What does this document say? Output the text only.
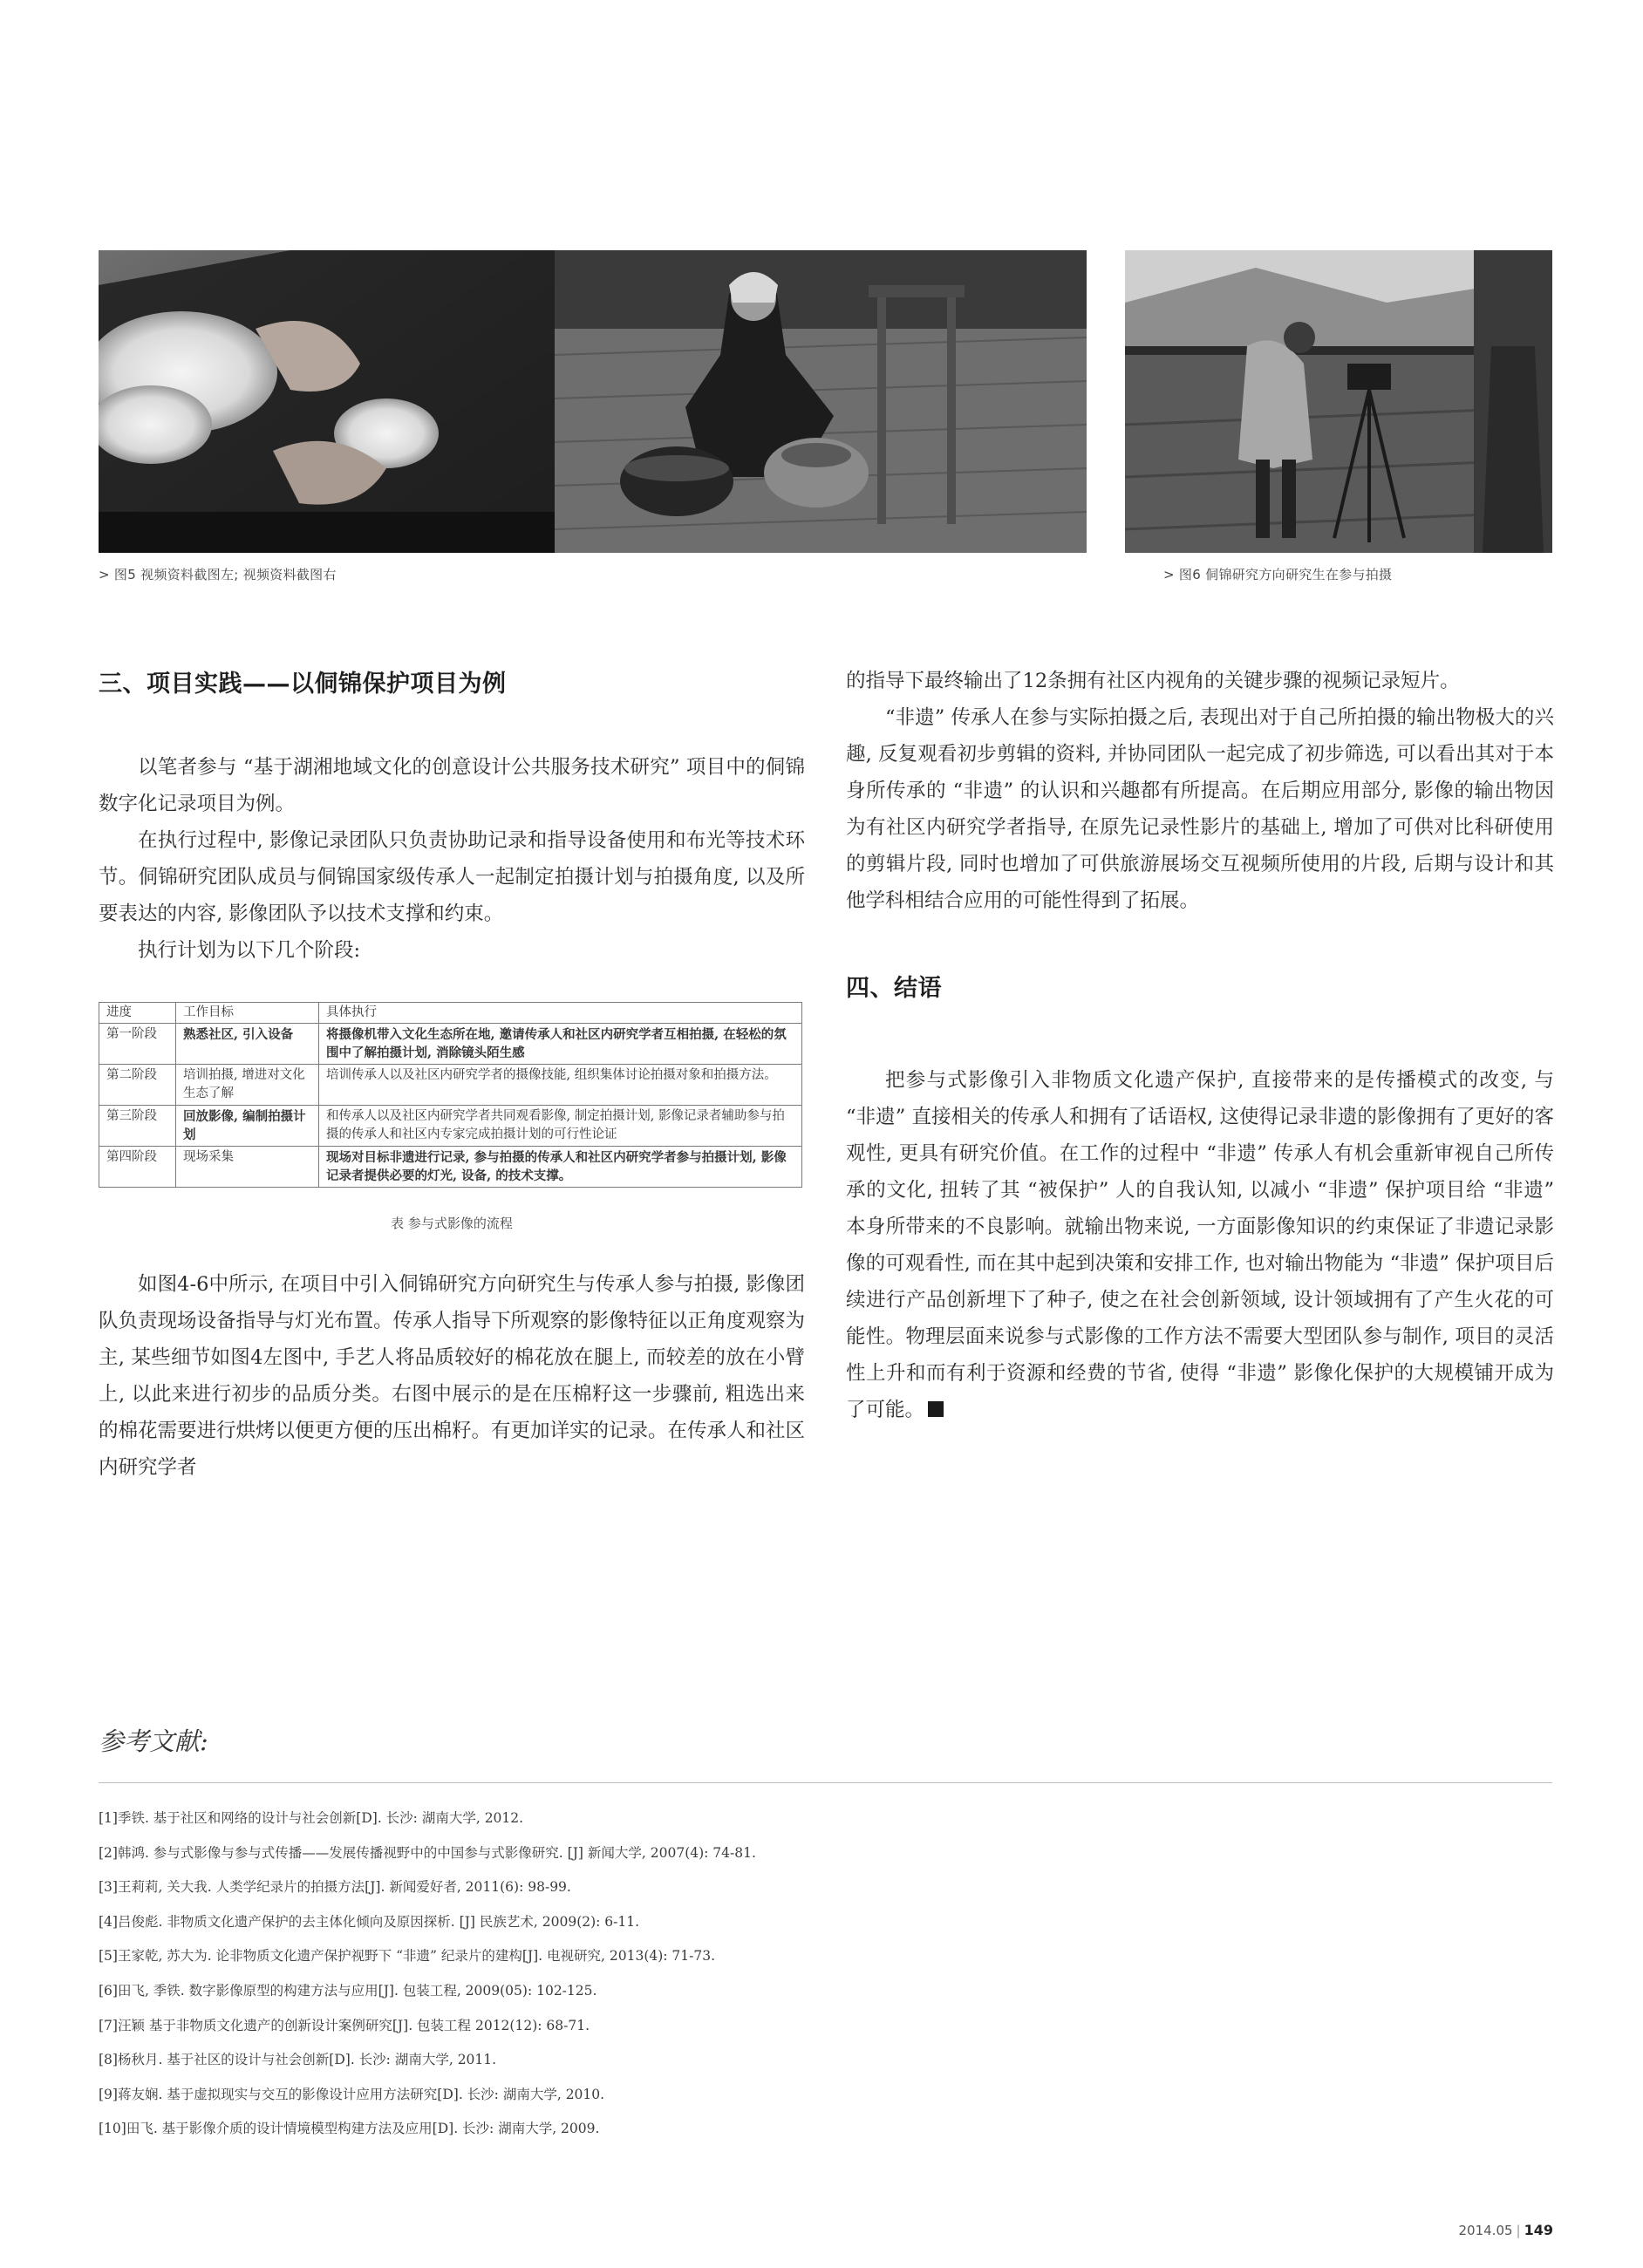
> 图5 视频资料截图左; 视频资料截图右	> 图6 侗锦研究方向研究生在参与拍摄
三、项目实践——以侗锦保护项目为例

以笔者参与 “基于湖湘地域文化的创意设计公共服务技术研究” 项目中的侗锦数字化记录项目为例。

在执行过程中, 影像记录团队只负责协助记录和指导设备使用和布光等技术环节。侗锦研究团队成员与侗锦国家级传承人一起制定拍摄计划与拍摄角度, 以及所要表达的内容, 影像团队予以技术支撑和约束。

执行计划为以下几个阶段:

进度	工作目标	具体执行
第一阶段	熟悉社区, 引入设备	将摄像机带入文化生态所在地, 邀请传承人和社区内研究学者互相拍摄, 在轻松的氛围中了解拍摄计划, 消除镜头陌生感
第二阶段	培训拍摄, 增进对文化生态了解	培训传承人以及社区内研究学者的摄像技能, 组织集体讨论拍摄对象和拍摄方法。
第三阶段	回放影像, 编制拍摄计划	和传承人以及社区内研究学者共同观看影像, 制定拍摄计划, 影像记录者辅助参与拍摄的传承人和社区内专家完成拍摄计划的可行性论证
第四阶段	现场采集	现场对目标非遗进行记录, 参与拍摄的传承人和社区内研究学者参与拍摄计划, 影像记录者提供必要的灯光, 设备, 的技术支撑。
表 参与式影像的流程

如图4-6中所示, 在项目中引入侗锦研究方向研究生与传承人参与拍摄, 影像团队负责现场设备指导与灯光布置。传承人指导下所观察的影像特征以正角度观察为主, 某些细节如图4左图中, 手艺人将品质较好的棉花放在腿上, 而较差的放在小臂上, 以此来进行初步的品质分类。右图中展示的是在压棉籽这一步骤前, 粗选出来的棉花需要进行烘烤以便更方便的压出棉籽。有更加详实的记录。在传承人和社区内研究学者

的指导下最终输出了12条拥有社区内视角的关键步骤的视频记录短片。

“非遗” 传承人在参与实际拍摄之后, 表现出对于自己所拍摄的输出物极大的兴趣, 反复观看初步剪辑的资料, 并协同团队一起完成了初步筛选, 可以看出其对于本身所传承的 “非遗” 的认识和兴趣都有所提高。在后期应用部分, 影像的输出物因为有社区内研究学者指导, 在原先记录性影片的基础上, 增加了可供对比科研使用的剪辑片段, 同时也增加了可供旅游展场交互视频所使用的片段, 后期与设计和其他学科相结合应用的可能性得到了拓展。

四、结语

把参与式影像引入非物质文化遗产保护, 直接带来的是传播模式的改变, 与 “非遗” 直接相关的传承人和拥有了话语权, 这使得记录非遗的影像拥有了更好的客观性, 更具有研究价值。在工作的过程中 “非遗” 传承人有机会重新审视自己所传承的文化, 扭转了其 “被保护” 人的自我认知, 以减小 “非遗” 保护项目给 “非遗” 本身所带来的不良影响。就输出物来说, 一方面影像知识的约束保证了非遗记录影像的可观看性, 而在其中起到决策和安排工作, 也对输出物能为 “非遗” 保护项目后续进行产品创新埋下了种子, 使之在社会创新领域, 设计领域拥有了产生火花的可能性。物理层面来说参与式影像的工作方法不需要大型团队参与制作, 项目的灵活性上升和而有利于资源和经费的节省, 使得 “非遗” 影像化保护的大规模铺开成为了可能。

参考文献:
[1]季铁. 基于社区和网络的设计与社会创新[D]. 长沙: 湖南大学, 2012.
[2]韩鸿. 参与式影像与参与式传播——发展传播视野中的中国参与式影像研究. [J] 新闻大学, 2007(4): 74-81.
[3]王莉莉, 关大我. 人类学纪录片的拍摄方法[J]. 新闻爱好者, 2011(6): 98-99.
[4]吕俊彪. 非物质文化遗产保护的去主体化倾向及原因探析. [J] 民族艺术, 2009(2): 6-11.
[5]王家乾, 苏大为. 论非物质文化遗产保护视野下 “非遗” 纪录片的建构[J]. 电视研究, 2013(4): 71-73.
[6]田飞, 季铁. 数字影像原型的构建方法与应用[J]. 包装工程, 2009(05): 102-125.
[7]汪颖 基于非物质文化遗产的创新设计案例研究[J]. 包装工程 2012(12): 68-71.
[8]杨秋月. 基于社区的设计与社会创新[D]. 长沙: 湖南大学, 2011.
[9]蒋友娴. 基于虚拟现实与交互的影像设计应用方法研究[D]. 长沙: 湖南大学, 2010.
[10]田飞. 基于影像介质的设计情境模型构建方法及应用[D]. 长沙: 湖南大学, 2009.
2014.05 | 149
